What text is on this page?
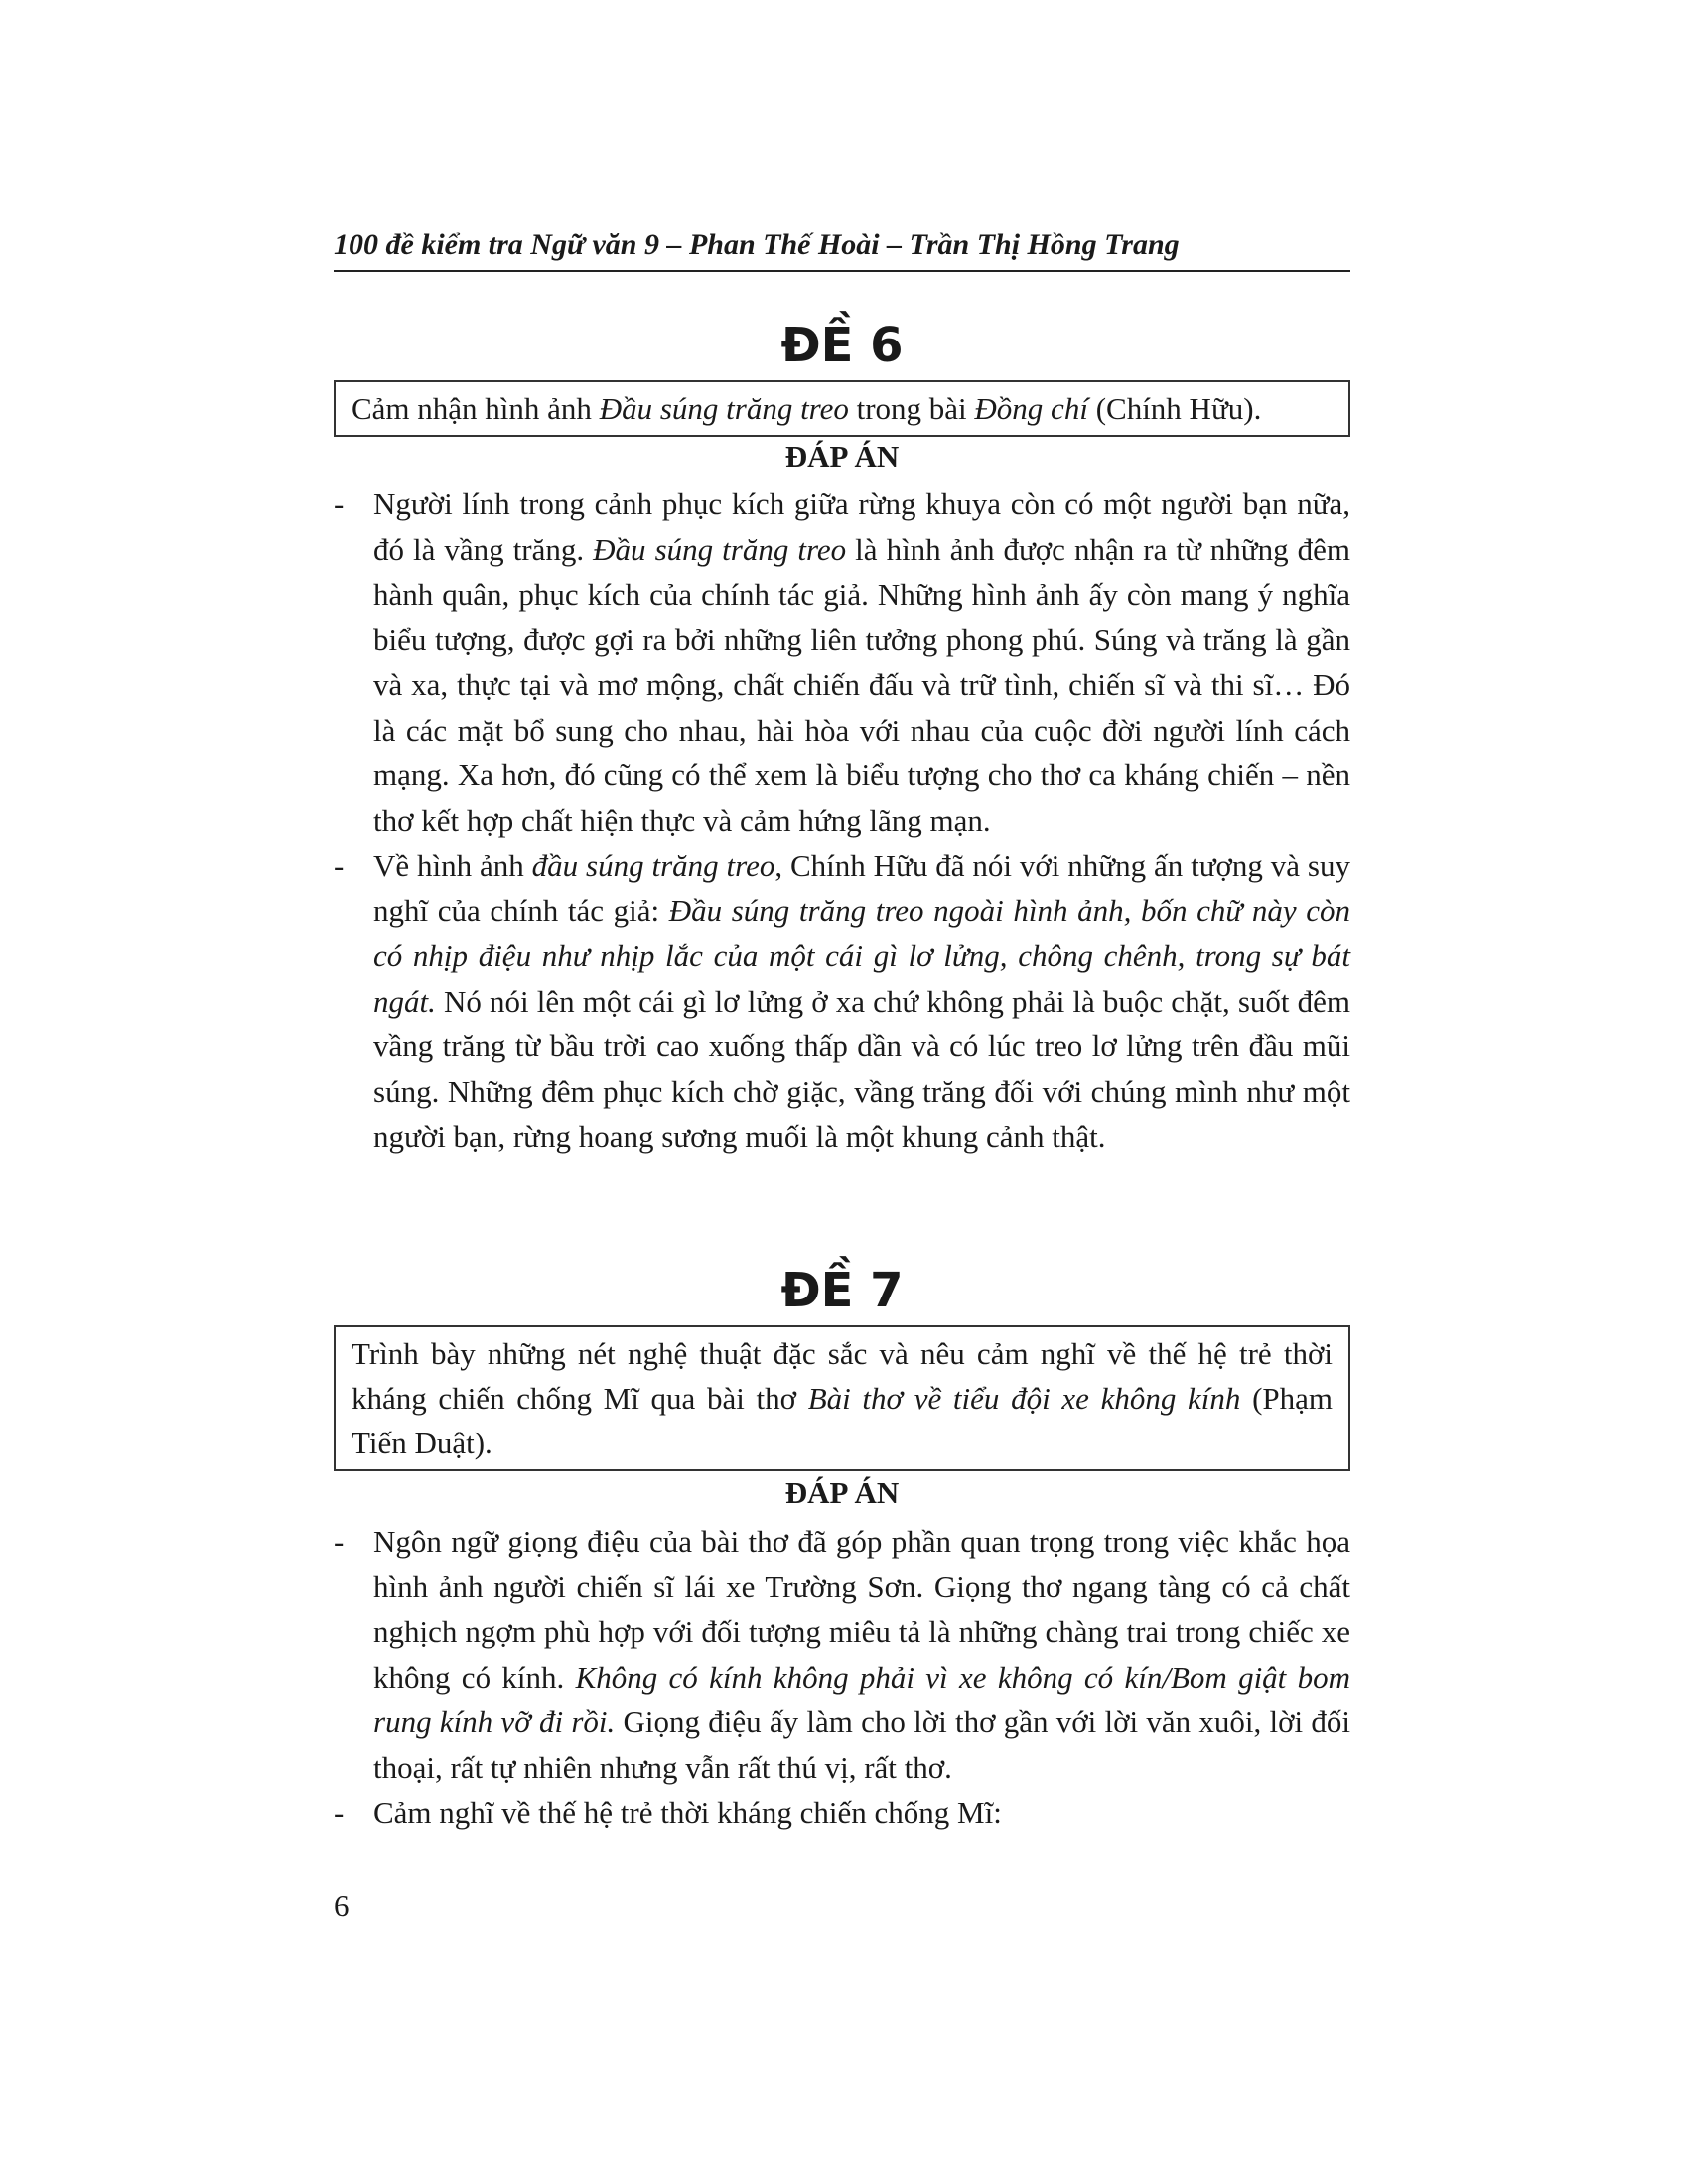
100 đề kiểm tra Ngữ văn 9 – Phan Thế Hoài – Trần Thị Hồng Trang
ĐỀ 6
Cảm nhận hình ảnh Đầu súng trăng treo trong bài Đồng chí (Chính Hữu).
ĐÁP ÁN
- Người lính trong cảnh phục kích giữa rừng khuya còn có một người bạn nữa, đó là vầng trăng. Đầu súng trăng treo là hình ảnh được nhận ra từ những đêm hành quân, phục kích của chính tác giả. Những hình ảnh ấy còn mang ý nghĩa biểu tượng, được gợi ra bởi những liên tưởng phong phú. Súng và trăng là gần và xa, thực tại và mơ mộng, chất chiến đấu và trữ tình, chiến sĩ và thi sĩ… Đó là các mặt bổ sung cho nhau, hài hòa với nhau của cuộc đời người lính cách mạng. Xa hơn, đó cũng có thể xem là biểu tượng cho thơ ca kháng chiến – nền thơ kết hợp chất hiện thực và cảm hứng lãng mạn.
- Về hình ảnh đầu súng trăng treo, Chính Hữu đã nói với những ấn tượng và suy nghĩ của chính tác giả: Đầu súng trăng treo ngoài hình ảnh, bốn chữ này còn có nhịp điệu như nhịp lắc của một cái gì lơ lửng, chông chênh, trong sự bát ngát. Nó nói lên một cái gì lơ lửng ở xa chứ không phải là buộc chặt, suốt đêm vầng trăng từ bầu trời cao xuống thấp dần và có lúc treo lơ lửng trên đầu mũi súng. Những đêm phục kích chờ giặc, vầng trăng đối với chúng mình như một người bạn, rừng hoang sương muối là một khung cảnh thật.
ĐỀ 7
Trình bày những nét nghệ thuật đặc sắc và nêu cảm nghĩ về thế hệ trẻ thời kháng chiến chống Mĩ qua bài thơ Bài thơ về tiểu đội xe không kính (Phạm Tiến Duật).
ĐÁP ÁN
- Ngôn ngữ giọng điệu của bài thơ đã góp phần quan trọng trong việc khắc họa hình ảnh người chiến sĩ lái xe Trường Sơn. Giọng thơ ngang tàng có cả chất nghịch ngợm phù hợp với đối tượng miêu tả là những chàng trai trong chiếc xe không có kính. Không có kính không phải vì xe không có kín/Bom giật bom rung kính vỡ đi rồi. Giọng điệu ấy làm cho lời thơ gần với lời văn xuôi, lời đối thoại, rất tự nhiên nhưng vẫn rất thú vị, rất thơ.
- Cảm nghĩ về thế hệ trẻ thời kháng chiến chống Mĩ:
6
